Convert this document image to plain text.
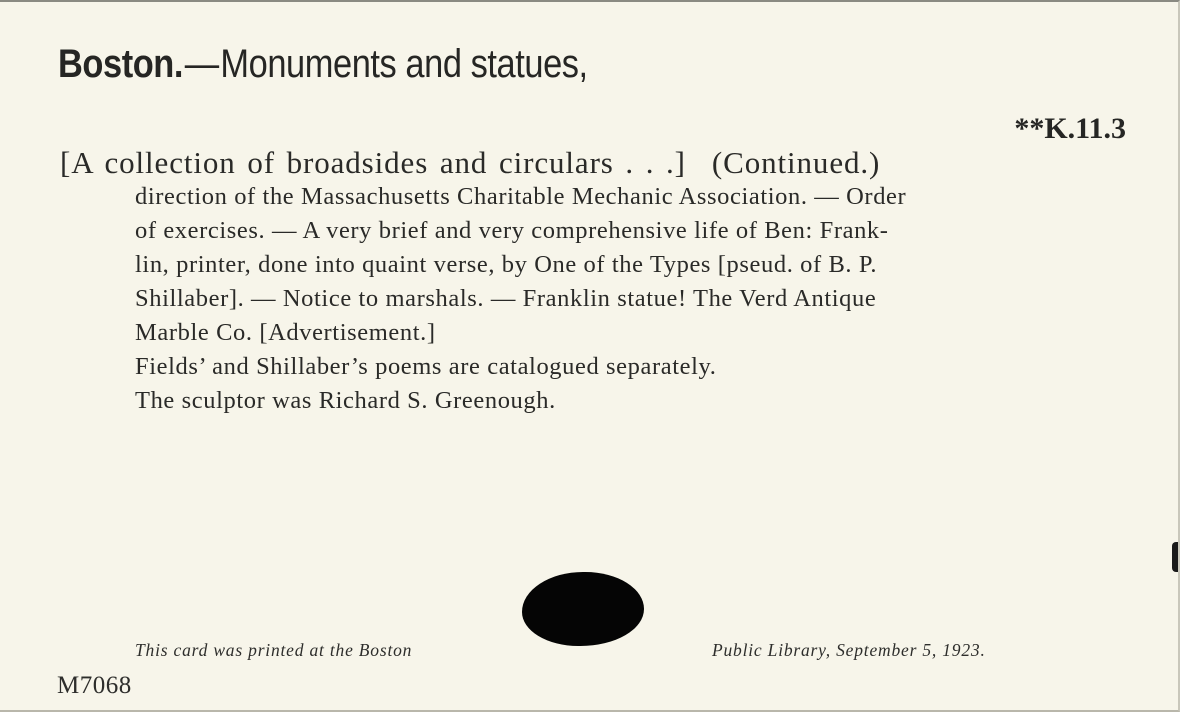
Boston.—Monuments and statues,
**K.11.3
[A collection of broadsides and circulars . . .] (Continued.)
direction of the Massachusetts Charitable Mechanic Association. — Order
of exercises. — A very brief and very comprehensive life of Ben: Frank-
lin, printer, done into quaint verse, by One of the Types [pseud. of B. P.
Shillaber]. — Notice to marshals. — Franklin statue! The Verd Antique
Marble Co. [Advertisement.]
Fields’ and Shillaber’s poems are catalogued separately.
The sculptor was Richard S. Greenough.
This card was printed at the Boston	Public Library, September 5, 1923.
M7068
